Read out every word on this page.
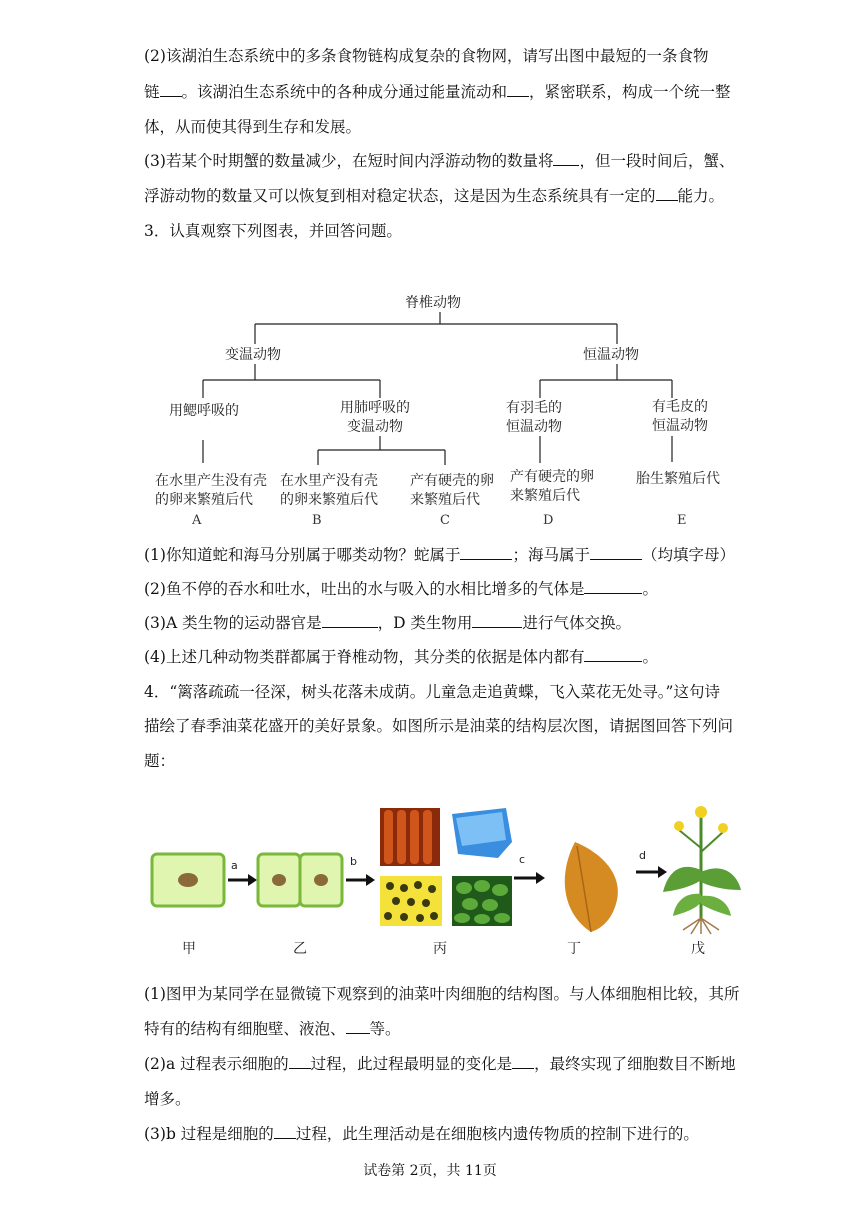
(2)该湖泊生态系统中的多条食物链构成复杂的食物网，请写出图中最短的一条食物
链 。该湖泊生态系统中的各种成分通过能量流动和 ，紧密联系，构成一个统一整
体，从而使其得到生存和发展。
(3)若某个时期蟹的数量减少，在短时间内浮游动物的数量将 ，但一段时间后，蟹、
浮游动物的数量又可以恢复到相对稳定状态，这是因为生态系统具有一定的 能力。
3．认真观察下列图表，并回答问题。
脊椎动物
变温动物	恒温动物
用鳃呼吸的	用肺呼吸的
变温动物
有羽毛的
恒温动物
有毛皮的
恒温动物
在水里产生没有壳
的卵来繁殖后代
在水里产没有壳
的卵来繁殖后代
产有硬壳的卵
来繁殖后代
产有硬壳的卵
来繁殖后代
胎生繁殖后代
A	B	C	D	E
(1)你知道蛇和海马分别属于哪类动物？蛇属于	；海马属于	（均填字母）
(2)鱼不停的吞水和吐水，吐出的水与吸入的水相比增多的气体是	。
(3)A 类生物的运动器官是	，D 类生物用	进行气体交换。
(4)上述几种动物类群都属于脊椎动物，其分类的依据是体内都有	。
4．“篱落疏疏一径深，树头花落未成荫。儿童急走追黄蝶，飞入菜花无处寻。”这句诗
描绘了春季油菜花盛开的美好景象。如图所示是油菜的结构层次图，请据图回答下列问
题：
a	b	c	d
甲	乙	丙	丁	戊
(1)图甲为某同学在显微镜下观察到的油菜叶肉细胞的结构图。与人体细胞相比较，其所
特有的结构有细胞壁、液泡、 等。
(2)a 过程表示细胞的 过程，此过程最明显的变化是 ，最终实现了细胞数目不断地
增多。
(3)b 过程是细胞的 过程，此生理活动是在细胞核内遗传物质的控制下进行的。
试卷第 2页，共 11页
